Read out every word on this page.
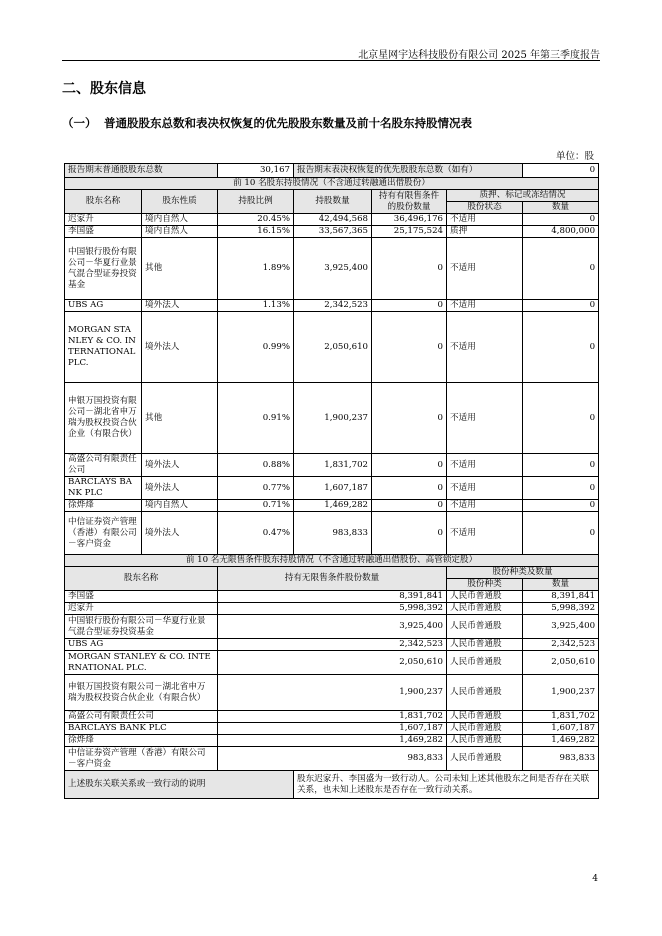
北京星网宇达科技股份有限公司 2025 年第三季度报告
二、股东信息
（一） 普通股股东总数和表决权恢复的优先股股东数量及前十名股东持股情况表
单位：股
报告期末普通股股东总数		30,167	报告期末表决权恢复的优先股股东总数（如有）			0
前 10 名股东持股情况（不含通过转融通出借股份）						
股东名称	股东性质	持股比例	持股数量	持有有限售条件的股份数量	质押、标记或冻结情况	
					股份状态	数量
迟家升	境内自然人	20.45%	42,494,568	36,496,176	不适用	0
李国盛	境内自然人	16.15%	33,567,365	25,175,524	质押	4,800,000
中国银行股份有限公司－华夏行业景气混合型证券投资基金	其他	1.89%	3,925,400	0	不适用	0
UBS AG	境外法人	1.13%	2,342,523	0	不适用	0
MORGAN STANLEY & CO. INTERNATIONAL PLC.	境外法人	0.99%	2,050,610	0	不适用	0
申银万国投资有限公司－湖北省申万瑞为股权投资合伙企业（有限合伙）	其他	0.91%	1,900,237	0	不适用	0
高盛公司有限责任公司	境外法人	0.88%	1,831,702	0	不适用	0
BARCLAYS BANK PLC	境外法人	0.77%	1,607,187	0	不适用	0
徐烨烽	境内自然人	0.71%	1,469,282	0	不适用	0
中信证券资产管理（香港）有限公司－客户资金	境外法人	0.47%	983,833	0	不适用	0
前 10 名无限售条件股东持股情况（不含通过转融通出借股份、高管锁定股）						
股东名称		持有无限售条件股份数量			股份种类及数量	
					股份种类	数量
李国盛		8,391,841			人民币普通股	8,391,841
迟家升		5,998,392			人民币普通股	5,998,392
中国银行股份有限公司－华夏行业景气混合型证券投资基金		3,925,400			人民币普通股	3,925,400
UBS AG		2,342,523			人民币普通股	2,342,523
MORGAN STANLEY & CO. INTERNATIONAL PLC.		2,050,610			人民币普通股	2,050,610
申银万国投资有限公司－湖北省申万瑞为股权投资合伙企业（有限合伙）		1,900,237			人民币普通股	1,900,237
高盛公司有限责任公司		1,831,702			人民币普通股	1,831,702
BARCLAYS BANK PLC		1,607,187			人民币普通股	1,607,187
徐烨烽		1,469,282			人民币普通股	1,469,282
中信证券资产管理（香港）有限公司－客户资金		983,833			人民币普通股	983,833
上述股东关联关系或一致行动的说明			股东迟家升、李国盛为一致行动人。公司未知上述其他股东之间是否存在关联关系，也未知上述股东是否存在一致行动关系。			
4
